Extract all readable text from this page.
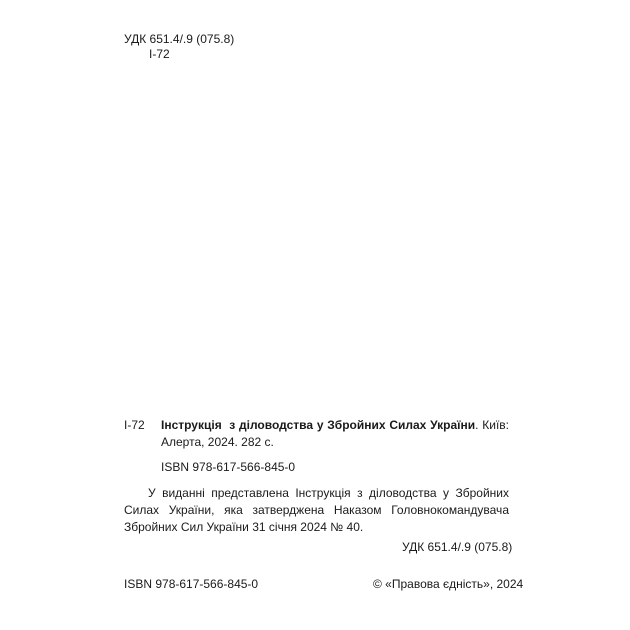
УДК 651.4/.9 (075.8)
І-72
І-72 Інструкція з діловодства у Збройних Силах України. Київ: Алерта, 2024. 282 с.
ISBN 978-617-566-845-0
У виданні представлена Інструкція з діловодства у Збройних Силах України, яка затверджена Наказом Головнокомандувача Збройних Сил України 31 січня 2024 № 40.
УДК 651.4/.9 (075.8)
ISBN 978-617-566-845-0	© «Правова єдність», 2024
